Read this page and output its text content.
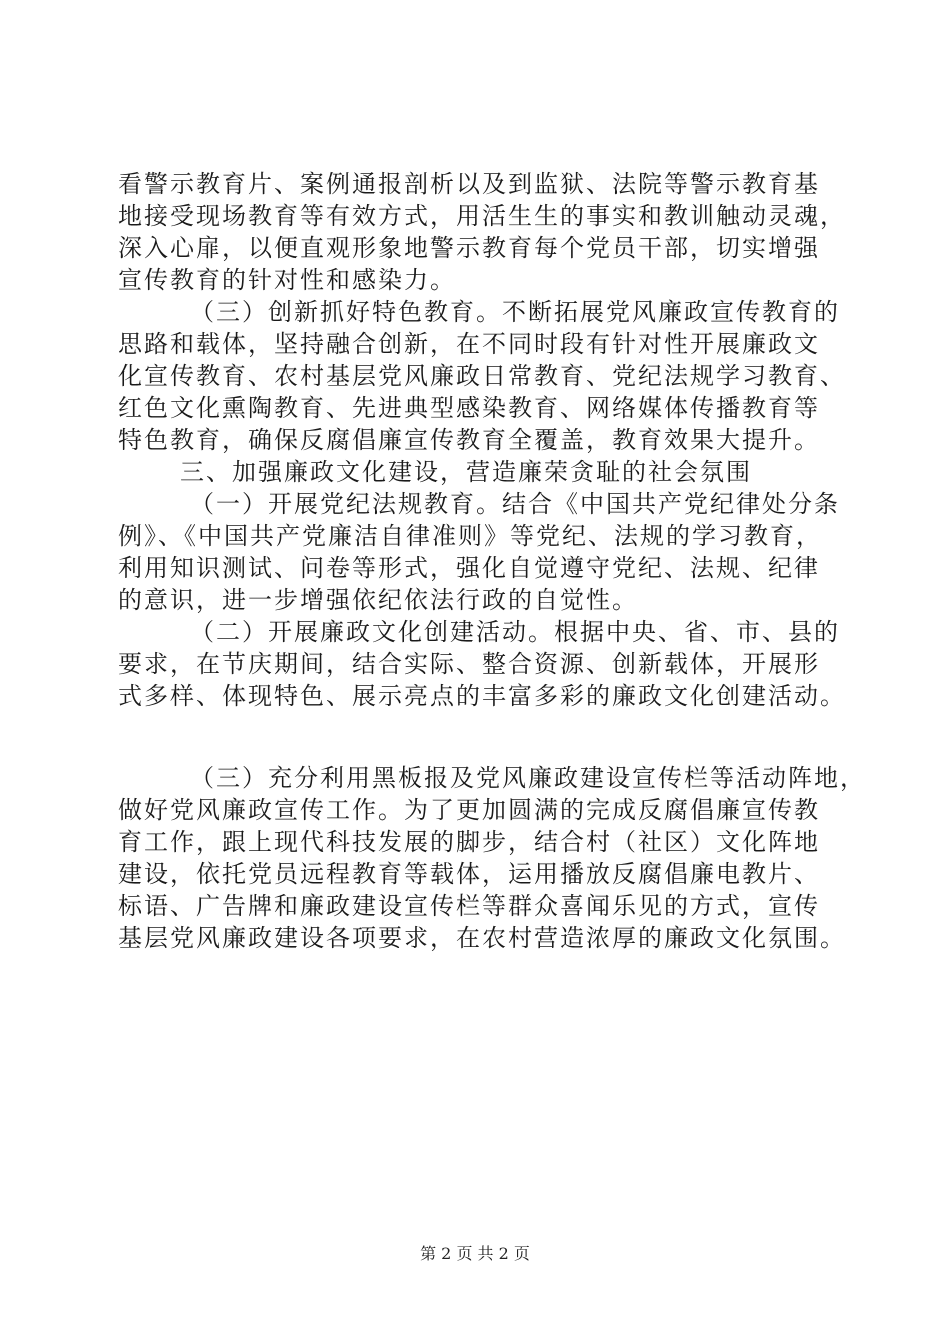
看警示教育片、案例通报剖析以及到监狱、法院等警示教育基
地接受现场教育等有效方式，用活生生的事实和教训触动灵魂，
深入心扉，以便直观形象地警示教育每个党员干部，切实增强
宣传教育的针对性和感染力。
（三）创新抓好特色教育。不断拓展党风廉政宣传教育的
思路和载体，坚持融合创新，在不同时段有针对性开展廉政文
化宣传教育、农村基层党风廉政日常教育、党纪法规学习教育、
红色文化熏陶教育、先进典型感染教育、网络媒体传播教育等
特色教育，确保反腐倡廉宣传教育全覆盖，教育效果大提升。
三、加强廉政文化建设，营造廉荣贪耻的社会氛围
（一）开展党纪法规教育。结合《中国共产党纪律处分条
例》、《中国共产党廉洁自律准则》等党纪、法规的学习教育，
利用知识测试、问卷等形式，强化自觉遵守党纪、法规、纪律
的意识，进一步增强依纪依法行政的自觉性。
（二）开展廉政文化创建活动。根据中央、省、市、县的
要求，在节庆期间，结合实际、整合资源、创新载体，开展形
式多样、体现特色、展示亮点的丰富多彩的廉政文化创建活动。
（三）充分利用黑板报及党风廉政建设宣传栏等活动阵地，
做好党风廉政宣传工作。为了更加圆满的完成反腐倡廉宣传教
育工作，跟上现代科技发展的脚步，结合村（社区）文化阵地
建设，依托党员远程教育等载体，运用播放反腐倡廉电教片、
标语、广告牌和廉政建设宣传栏等群众喜闻乐见的方式，宣传
基层党风廉政建设各项要求，在农村营造浓厚的廉政文化氛围。
第 2 页 共 2 页
